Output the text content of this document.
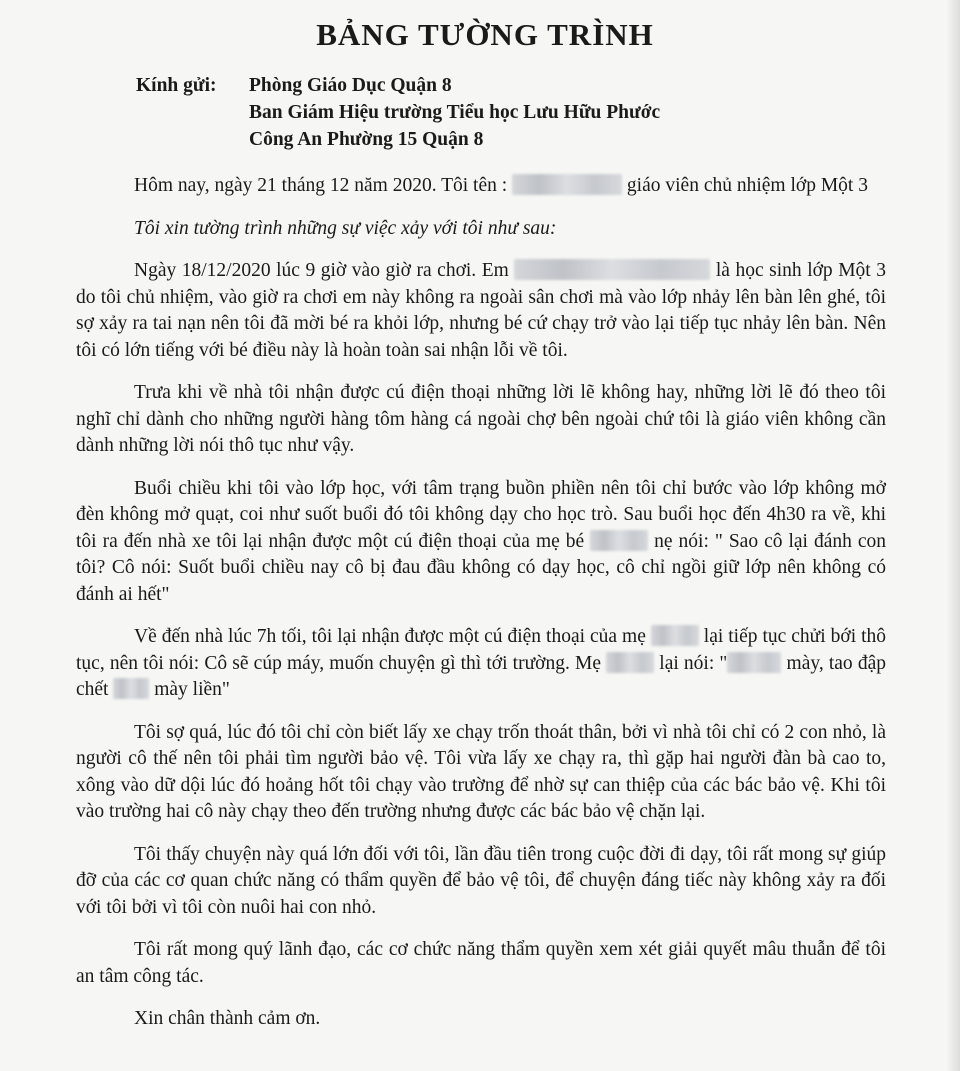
BẢNG TƯỜNG TRÌNH
Kính gửi:	Phòng Giáo Dục Quận 8
Ban Giám Hiệu trường Tiểu học Lưu Hữu Phước
Công An Phường 15 Quận 8

Hôm nay, ngày 21 tháng 12 năm 2020. Tôi tên :	giáo viên chủ nhiệm lớp Một 3

Tôi xin tường trình những sự việc xảy với tôi như sau:

Ngày 18/12/2020 lúc 9 giờ vào giờ ra chơi. Em	là học sinh lớp Một 3 do tôi chủ nhiệm, vào giờ ra chơi em này không ra ngoài sân chơi mà vào lớp nhảy lên bàn lên ghé, tôi sợ xảy ra tai nạn nên tôi đã mời bé ra khỏi lớp, nhưng bé cứ chạy trở vào lại tiếp tục nhảy lên bàn. Nên tôi có lớn tiếng với bé điều này là hoàn toàn sai nhận lỗi về tôi.

Trưa khi về nhà tôi nhận được cú điện thoại những lời lẽ không hay, những lời lẽ đó theo tôi nghĩ chỉ dành cho những người hàng tôm hàng cá ngoài chợ bên ngoài chứ tôi là giáo viên không cần dành những lời nói thô tục như vậy.

Buổi chiều khi tôi vào lớp học, với tâm trạng buồn phiền nên tôi chỉ bước vào lớp không mở đèn không mở quạt, coi như suốt buổi đó tôi không dạy cho học trò. Sau buổi học đến 4h30 ra về, khi tôi ra đến nhà xe tôi lại nhận được một cú điện thoại của mẹ bé	nẹ nói: " Sao cô lại đánh con tôi? Cô nói: Suốt buổi chiều nay cô bị đau đầu không có dạy học, cô chỉ ngồi giữ lớp nên không có đánh ai hết"

Về đến nhà lúc 7h tối, tôi lại nhận được một cú điện thoại của mẹ  lại tiếp tục chửi bới thô tục, nên tôi nói: Cô sẽ cúp máy, muốn chuyện gì thì tới trường. Mẹ  lại nói: "	mày, tao đập chết  mày liền"

Tôi sợ quá, lúc đó tôi chỉ còn biết lấy xe chạy trốn thoát thân, bởi vì nhà tôi chỉ có 2 con nhỏ, là người cô thế nên tôi phải tìm người bảo vệ. Tôi vừa lấy xe chạy ra, thì gặp hai người đàn bà cao to, xông vào dữ dội lúc đó hoảng hốt tôi chạy vào trường để nhờ sự can thiệp của các bác bảo vệ. Khi tôi vào trường hai cô này chạy theo đến trường nhưng được các bác bảo vệ chặn lại.

Tôi thấy chuyện này quá lớn đối với tôi, lần đầu tiên trong cuộc đời đi dạy, tôi rất mong sự giúp đỡ của các cơ quan chức năng có thẩm quyền để bảo vệ tôi, để chuyện đáng tiếc này không xảy ra đối với tôi bởi vì tôi còn nuôi hai con nhỏ.

Tôi rất mong quý lãnh đạo, các cơ chức năng thẩm quyền xem xét giải quyết mâu thuẫn để tôi an tâm công tác.

Xin chân thành cảm ơn.
